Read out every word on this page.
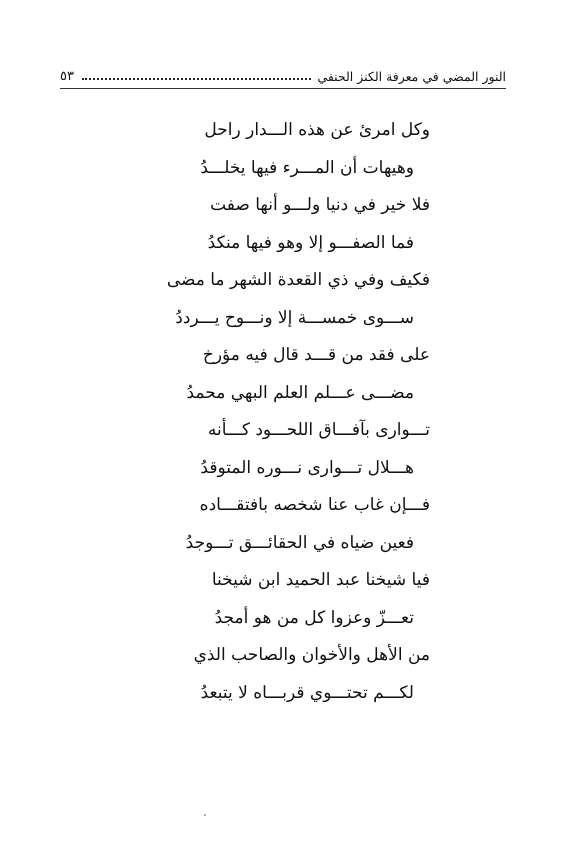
النور المضي في معرفة الكنز الحنفي
٥٣
وكل امرئ عن هذه الـــدار راحل
وهيهات أن المـــرء فيها يخلـــدُ
فلا خير في دنيا ولـــو أنها صفت
فما الصفـــو إلا وهو فيها منكدُ
فكيف وفي ذي القعدة الشهر ما مضى
ســـوى خمســـة إلا ونـــوح يـــرددُ
على فقد من قـــد قال فيه مؤرخ
مضـــى عـــلم العلم البهي محمدُ
تـــوارى بآفـــاق اللحـــود كـــأنه
هـــلال تـــوارى نـــوره المتوقدُ
فـــإن غاب عنا شخصه بافتقـــاده
فعين ضياه في الحقائـــق تـــوجدُ
فيا شيخنا عبد الحميد ابن شيخنا
تعـــزّ وعزوا كل من هو أمجدُ
من الأهل والأخوان والصاحب الذي
لكـــم تحتـــوي قربـــاه لا يتبعدُ
